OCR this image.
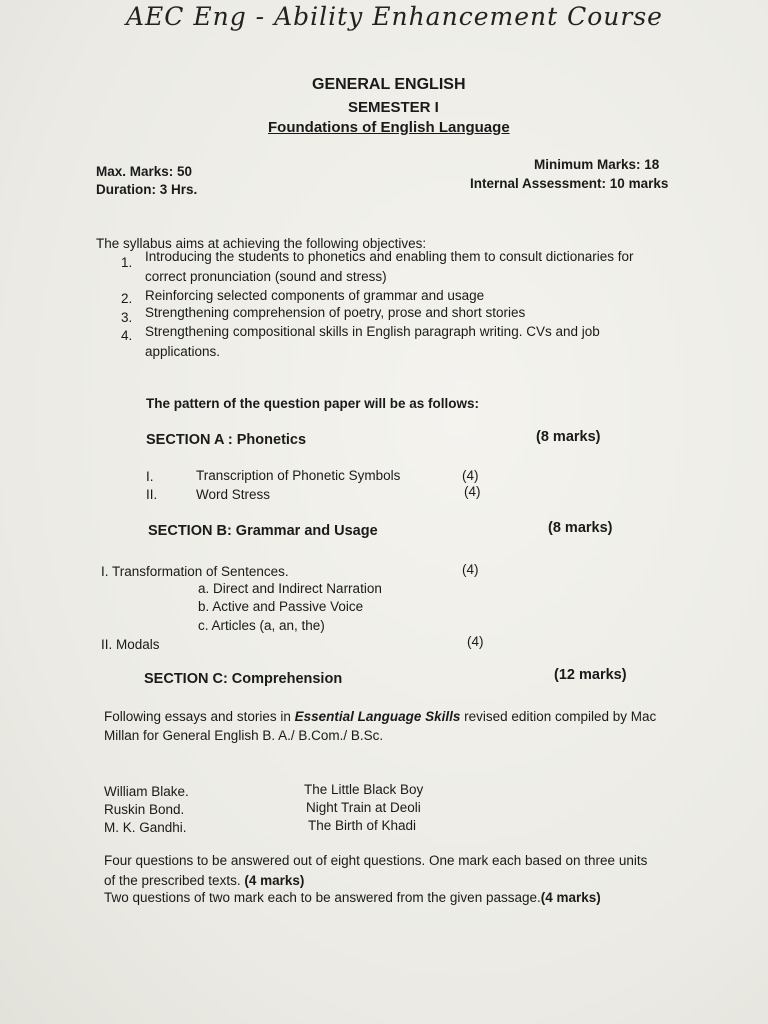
AEC Eng - Ability Enhancement Course
GENERAL ENGLISH
SEMESTER I
Foundations of English Language
Max. Marks: 50
Duration: 3 Hrs.
Minimum Marks: 18
Internal Assessment: 10 marks
The syllabus aims at achieving the following objectives:
1. Introducing the students to phonetics and enabling them to consult dictionaries for
correct pronunciation (sound and stress)
2. Reinforcing selected components of grammar and usage
3. Strengthening comprehension of poetry, prose and short stories
4. Strengthening compositional skills in English paragraph writing. CVs and job
applications.
The pattern of the question paper will be as follows:
SECTION A : Phonetics	(8 marks)
I.	Transcription of Phonetic Symbols	(4)
II.	Word Stress	(4)
SECTION B: Grammar and Usage	(8 marks)
I. Transformation of Sentences.	(4)
a. Direct and Indirect Narration
b. Active and Passive Voice
c. Articles (a, an, the)
II. Modals	(4)
SECTION C: Comprehension	(12 marks)
Following essays and stories in Essential Language Skills revised edition compiled by Mac
Millan for General English B. A./ B.Com./ B.Sc.
William Blake.	The Little Black Boy
Ruskin Bond.	Night Train at Deoli
M. K. Gandhi.	The Birth of Khadi
Four questions to be answered out of eight questions. One mark each based on three units
of the prescribed texts. (4 marks)
Two questions of two mark each to be answered from the given passage.(4 marks)
